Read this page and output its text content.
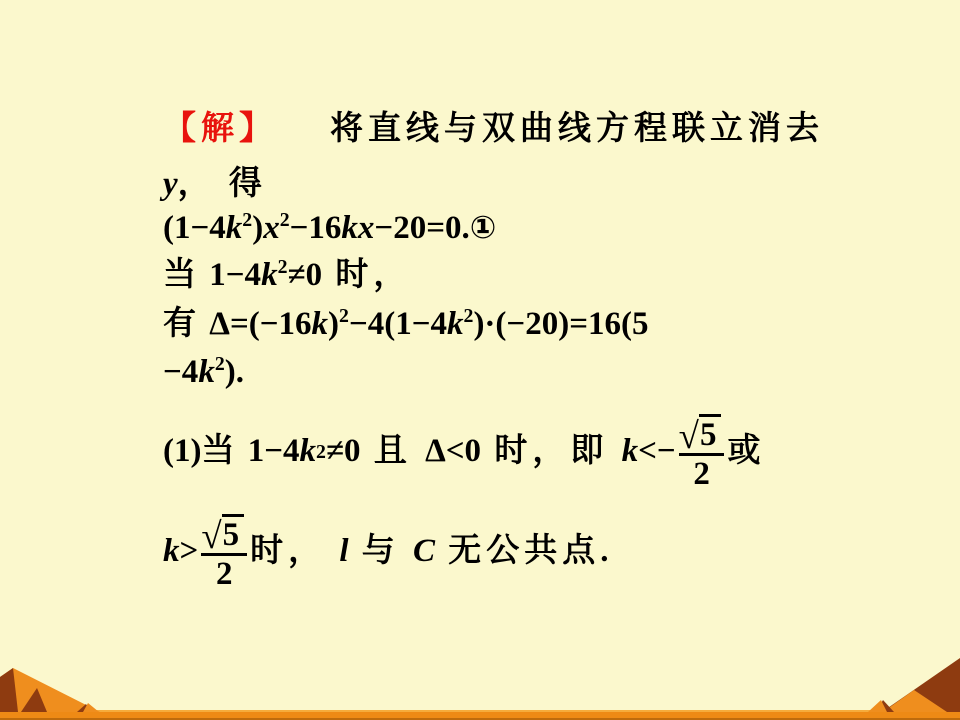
【解】    将直线与双曲线方程联立消去
y， 得
$(1-4k^2)x^2-16kx-20=0.①$
当 $1-4k^2\ne 0$ 时，
有 $\Delta=(-16k)^2-4(1-4k^2)\cdot(-20)=16(5$
$-4k^2$).
(1) 当 1−4 k 2 ≠0 且 Δ<0 时，即 $k <- \frac{√ 5}{2}$ 或
$k > \frac{√ 5}{2}$ 时， l 与 C 无公共点 .
